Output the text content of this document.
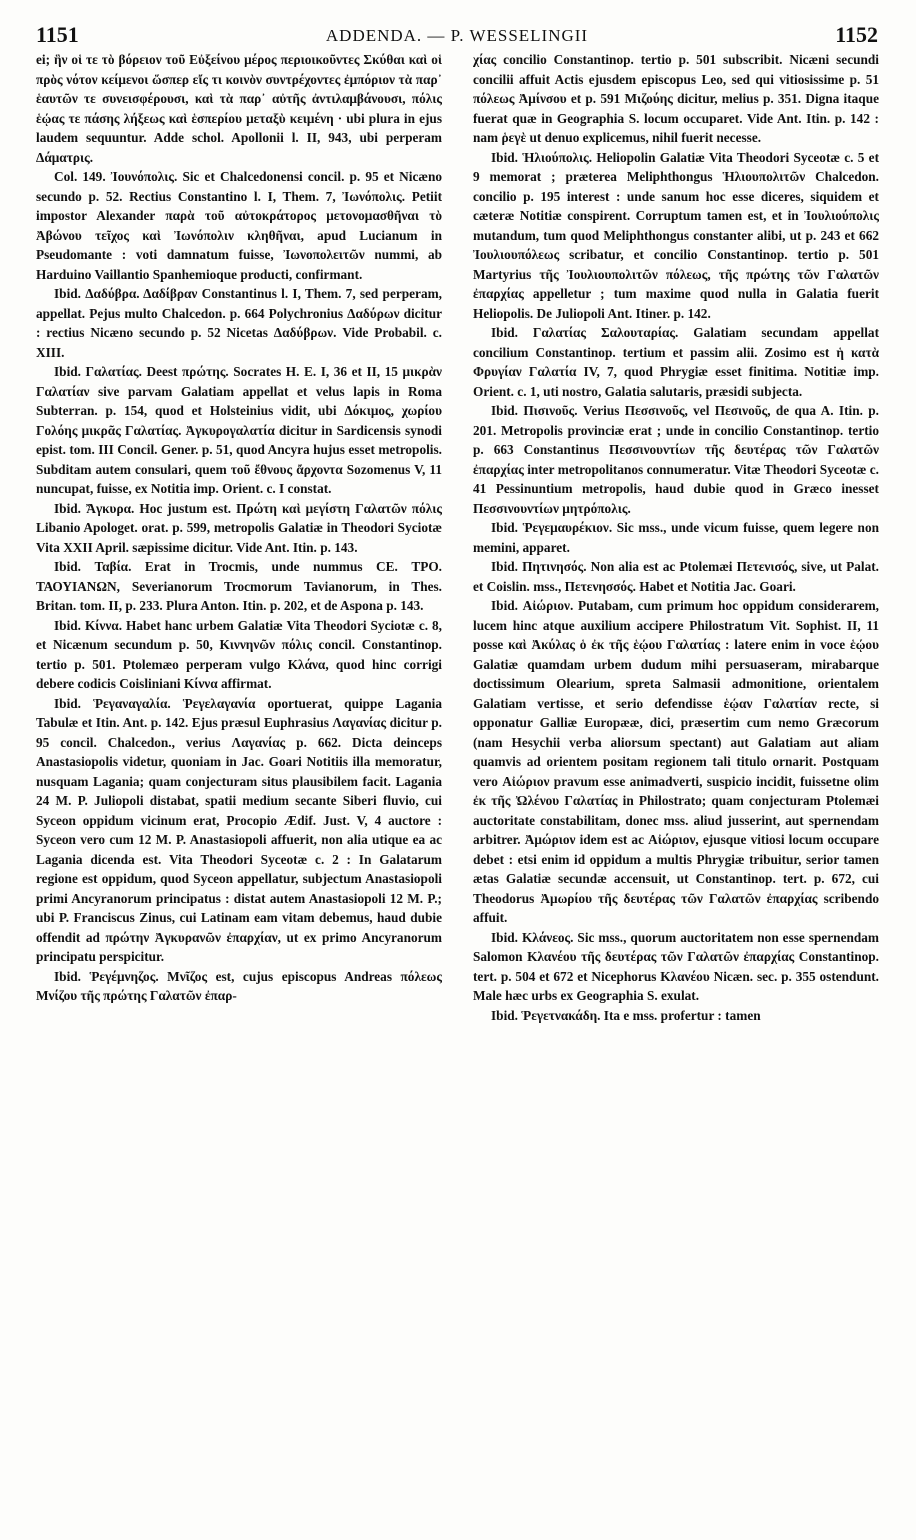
1151	ADDENDA. — P. WESSELINGII	1152

ei; ἣν οἱ τε τὸ βόρειον τοῦ Εὐξείνου μέρος περιοικοῦντες Σκύθαι καὶ οἱ πρὸς νότον κείμενοι ὥσπερ εἴς τι κοινὸν συντρέχοντες ἐμπόριον τὰ παρ᾿ ἑαυτῶν τε συνεισφέρουσι, καὶ τὰ παρ᾿ αὐτῆς ἀντιλαμβάνουσι, πόλις ἑῴας τε πάσης λήξεως καὶ ἑσπερίου μεταξὺ κειμένη · ubi plura in ejus laudem sequuntur. Adde schol. Apollonii l. II, 943, ubi perperam Δάματρις.

Col. 149. Ἰουνόπολις. Sic et Chalcedonensi concil. p. 95 et Nicæno secundo p. 52. Rectius Constantino l. I, Them. 7, Ἰωνόπολις. Petiit impostor Alexander παρὰ τοῦ αὐτοκράτορος μετονομασθῆναι τὸ Ἀβώνου τεῖχος καὶ Ἰωνόπολιν κληθῆναι, apud Lucianum in Pseudomante : voti damnatum fuisse, Ἰωνοπολειτῶν nummi, ab Harduino Vaillantio Spanhemioque producti, confirmant.

Ibid. Δαδύβρα. Δαδίβραν Constantinus l. I, Them. 7, sed perperam, appellat. Pejus multo Chalcedon. p. 664 Polychronius Δαδύρων dicitur : rectius Nicæno secundo p. 52 Nicetas Δαδύβρων. Vide Probabil. c. XIII.

Ibid. Γαλατίας. Deest πρώτης. Socrates H. E. I, 36 et II, 15 μικρὰν Γαλατίαν sive parvam Galatiam appellat et velus lapis in Roma Subterran. p. 154, quod et Holsteinius vidit, ubi Δόκιμος, χωρίου Γολόης μικρᾶς Γαλατίας. Ἀγκυρογαλατία dicitur in Sardicensis synodi epist. tom. III Concil. Gener. p. 51, quod Ancyra hujus esset metropolis. Subditam autem consulari, quem τοῦ ἔθνους ἄρχοντα Sozomenus V, 11 nuncupat, fuisse, ex Notitia imp. Orient. c. I constat.

Ibid. Ἄγκυρα. Hoc justum est. Πρώτη καὶ μεγίστη Γαλατῶν πόλις Libanio Apologet. orat. p. 599, metropolis Galatiæ in Theodori Sycіotæ Vita XXII April. sæpissime dicitur. Vide Ant. Itin. p. 143.

Ibid. Ταβία. Erat in Trocmis, unde nummus CE. ΤΡΟ. ΤΑΟΥΙΑΝΩΝ, Severianorum Trocmorum Tavianorum, in Thes. Britan. tom. II, p. 233. Plura Anton. Itin. p. 202, et de Aspona p. 143.

Ibid. Κίννα. Habet hanc urbem Galatiæ Vita Theodori Sycіotæ c. 8, et Nicænum secundum p. 50, Κιννηνῶν πόλις concil. Constantinop. tertio p. 501. Ptolemæo perperam vulgo Κλάνα, quod hinc corrigi debere codicis Coisliniani Κίννα affirmat.

Ibid. Ῥεγαναγαλία. Ῥεγελαγανία oportuerat, quippe Lagania Tabulæ et Itin. Ant. p. 142. Ejus præsul Euphrasius Λαγανίας dicitur p. 95 concil. Chalcedon., verius Λαγανίας p. 662. Dicta deinceps Anastasiopolis videtur, quoniam in Jac. Goari Notitiis illa memoratur, nusquam Lagania; quam conjecturam situs plausibilem facit. Lagania 24 M. P. Juliopoli distabat, spatii medium secante Siberi fluvio, cui Syceon oppidum vicinum erat, Procopio Ædif. Just. V, 4 auctore : Syceon vero cum 12 M. P. Anastasiopoli affuerit, non alia utique ea ac Lagania dicenda est. Vita Theodori Syceotæ c. 2 : In Galatarum regione est oppidum, quod Syceon appellatur, subjectum Anastasiopoli primi Ancyranorum principatus : distat autem Anastasiopoli 12 M. P.; ubi P. Franciscus Zinus, cui Latinam eam vitam debemus, haud dubie offendit ad πρώτην Ἀγκυρανῶν ἐπαρχίαν, ut ex primo Ancyranorum principatu perspicitur.

Ibid. Ῥεγέμνηζος. Μνῖζος est, cujus episcopus Andreas πόλεως Μνίζου τῆς πρώτης Γαλατῶν ἐπαρ-

χίας concilio Constantinop. tertio p. 501 subscribit. Nicæni secundi concilii affuit Actis ejusdem episcopus Leo, sed qui vitiosissime p. 51 πόλεως Ἀμίνσου et p. 591 Μιζούης dicitur, melius p. 351. Digna itaque fuerat quæ in Geographia S. locum occuparet. Vide Ant. Itin. p. 142 : nam ῥεγὲ ut denuo explicemus, nihil fuerit necesse.

Ibid. Ἡλιούπολις. Heliopolin Galatiæ Vita Theodori Syceotæ c. 5 et 9 memorat ; præterea Meliphthongus Ἡλιουπολιτῶν Chalcedon. concilio p. 195 interest : unde sanum hoc esse diceres, siquidem et cæteræ Notitiæ conspirent. Corruptum tamen est, et in Ἰουλιούπολις mutandum, tum quod Meliphthongus constanter alibi, ut p. 243 et 662 Ἰουλιουπόλεως scribatur, et concilio Constantinop. tertio p. 501 Martyrius τῆς Ἰουλιουπολιτῶν πόλεως, τῆς πρώτης τῶν Γαλατῶν ἐπαρχίας appelletur ; tum maxime quod nulla in Galatia fuerit Heliopolis. De Juliopoli Ant. Itiner. p. 142.

Ibid. Γαλατίας Σαλουταρίας. Galatiam secundam appellat concilium Constantinop. tertium et passim alii. Zosimo est ἡ κατὰ Φρυγίαν Γαλατία IV, 7, quod Phrygiæ esset finitima. Notitiæ imp. Orient. c. 1, uti nostro, Galatia salutaris, præsidi subjecta.

Ibid. Πισινοῦς. Verius Πεσσινοῦς, vel Πεσινοῦς, de qua A. Itin. p. 201. Metropolis provinciæ erat ; unde in concilio Constantinop. tertio p. 663 Constantinus Πεσσινουντίων τῆς δευτέρας τῶν Γαλατῶν ἐπαρχίας inter metropolitanos connumeratur. Vitæ Theodori Syceotæ c. 41 Pessinuntium metropolis, haud dubie quod in Græco inesset Πεσσινουντίων μητρόπολις.

Ibid. Ῥεγεμαυρέκιον. Sic mss., unde vicum fuisse, quem legere non memini, apparet.

Ibid. Πητινησός. Non alia est ac Ptolemæi Πετενισός, sive, ut Palat. et Coislin. mss., Πετενησσός. Habet et Notitia Jac. Goari.

Ibid. Αἰώριον. Putabam, cum primum hoc oppidum considerarem, lucem hinc atque auxilium accipere Philostratum Vit. Sophist. II, 11 posse καὶ Ἀκύλας ὁ ἐκ τῆς ἑῴου Γαλατίας : latere enim in voce ἑῴου Galatiæ quamdam urbem dudum mihi persuaseram, mirabarque doctissimum Olearium, spreta Salmasii admonitione, orientalem Galatiam vertisse, et serio defendisse ἑῴαν Γαλατίαν recte, si opponatur Galliæ Europææ, dici, præsertim cum nemo Græcorum (nam Hesychii verba aliorsum spectant) aut Galatiam aut aliam quamvis ad orientem positam regionem tali titulo ornarit. Postquam vero Αἰώριον pravum esse animadverti, suspicio incidit, fuissetne olim ἐκ τῆς Ὠλένου Γαλατίας in Philostrato; quam conjecturam Ptolemæi auctoritate constabilitam, donec mss. aliud jusserint, aut spernendam arbitrer. Ἀμώριον idem est ac Αἰώριον, ejusque vitiosi locum occupare debet : etsi enim id oppidum a multis Phrygiæ tribuitur, serior tamen ætas Galatiæ secundæ accensuit, ut Constantinop. tert. p. 672, cui Theodorus Ἀμωρίου τῆς δευτέρας τῶν Γαλατῶν ἐπαρχίας scribendo affuit.

Ibid. Κλάνεος. Sic mss., quorum auctoritatem non esse spernendam Salomon Κλανέου τῆς δευτέρας τῶν Γαλατῶν ἐπαρχίας Constantinop. tert. p. 504 et 672 et Nicephorus Κλανέου Nicæn. sec. p. 355 ostendunt. Male hæc urbs ex Geographia S. exulat.

Ibid. Ῥεγετνακάδη. Ita e mss. profertur : tamen
